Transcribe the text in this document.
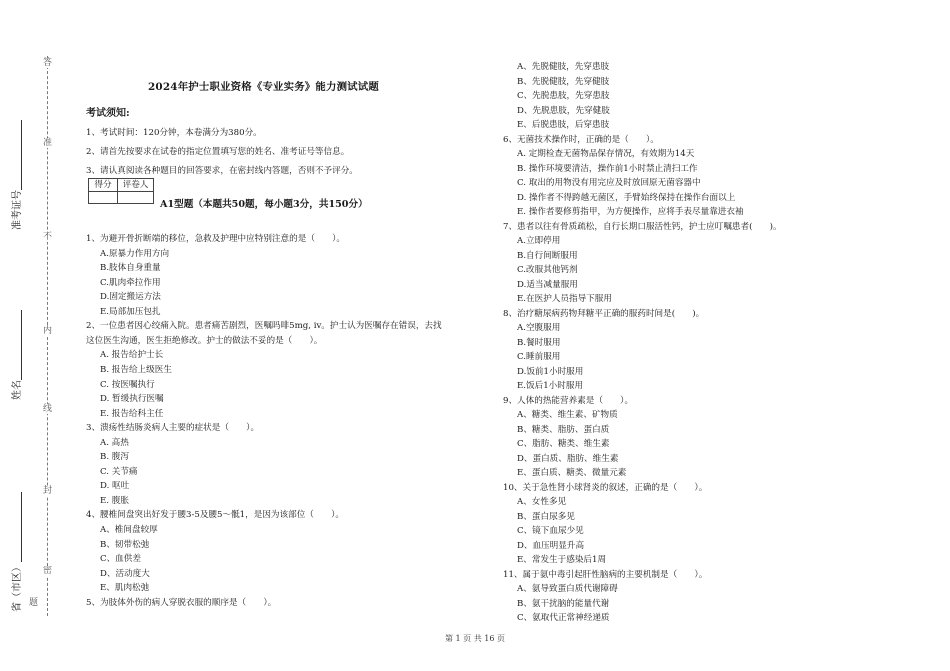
答
准
不
内
线
封
密
题
准考证号
姓名
省（市区）
2024年护士职业资格《专业实务》能力测试试题
考试须知:
1、考试时间：120分钟，本卷满分为380分。
2、请首先按要求在试卷的指定位置填写您的姓名、准考证号等信息。
3、请认真阅读各种题目的回答要求，在密封线内答题，否则不予评分。
得分	评卷人
A1型题（本题共50题，每小题3分，共150分）
1、为避开骨折断端的移位，急救及护理中应特别注意的是（　　）。
A.原暴力作用方向
B.肢体自身重量
C.肌肉牵拉作用
D.固定搬运方法
E.局部加压包扎
2、一位患者因心绞痛入院。患者痛苦剧烈，医嘱吗啡5mg, iv。护士认为医嘱存在错误，去找
这位医生沟通，医生拒绝修改。护士的做法不妥的是（　　）。
A. 报告给护士长
B. 报告给上级医生
C. 按医嘱执行
D. 暂缓执行医嘱
E. 报告给科主任
3、溃疡性结肠炎病人主要的症状是（　　）。
A. 高热
B. 腹泻
C. 关节痛
D. 呕吐
E. 腹胀
4、腰椎间盘突出好发于腰3-5及腰5～骶1，是因为该部位（　　）。
A、椎间盘较厚
B、韧带松弛
C、血供差
D、活动度大
E、肌肉松弛
5、为肢体外伤的病人穿脱衣服的顺序是（　　）。
A、先脱健肢，先穿患肢
B、先脱健肢，先穿健肢
C、先脱患肢，先穿患肢
D、先脱患肢，先穿健肢
E、后脱患肢，后穿患肢
6、无菌技术操作时，正确的是（　　）。
A. 定期检查无菌物品保存情况，有效期为14天
B. 操作环境要清洁，操作前1小时禁止清扫工作
C. 取出的用物没有用完应及时放回原无菌容器中
D. 操作者不得跨越无菌区，手臂始终保持在操作台面以上
E. 操作者要修剪指甲，为方便操作，应将手表尽量靠进衣袖
7、患者以往有骨质疏松，自行长期口服活性钙，护士应叮嘱患者(　　)。
A.立即停用
B.自行间断服用
C.改服其他钙剂
D.适当减量服用
E.在医护人员指导下服用
8、治疗糖尿病药物拜糖平正确的服药时间是(　　)。
A.空腹服用
B.餐时服用
C.睡前服用
D.饭前1小时服用
E.饭后1小时服用
9、人体的热能营养素是（　　）。
A、糖类、维生素、矿物质
B、糖类、脂肪、蛋白质
C、脂肪、糖类、维生素
D、蛋白质、脂肪、维生素
E、蛋白质、糖类、微量元素
10、关于急性肾小球肾炎的叙述，正确的是（　　）。
A、女性多见
B、蛋白尿多见
C、镜下血尿少见
D、血压明显升高
E、常发生于感染后1周
11、属于氨中毒引起肝性脑病的主要机制是（　　）。
A、氨导致蛋白质代谢障碍
B、氨干扰脑的能量代谢
C、氨取代正常神经递质
第 1 页 共 16 页
